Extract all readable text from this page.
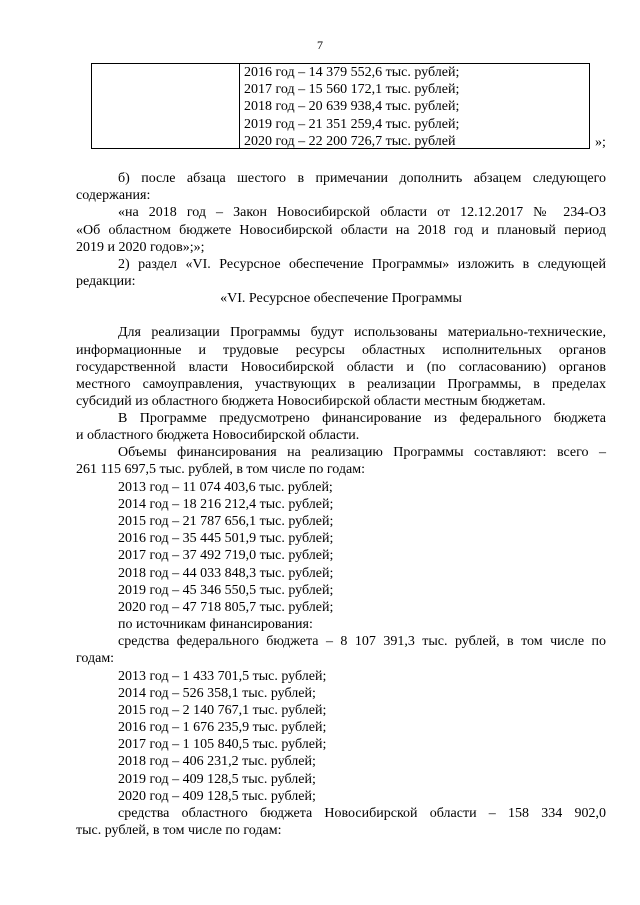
7
2016 год – 14 379 552,6 тыс. рублей;
2017 год – 15 560 172,1 тыс. рублей;
2018 год – 20 639 938,4 тыс. рублей;
2019 год – 21 351 259,4 тыс. рублей;
2020 год – 22 200 726,7 тыс. рублей	»;
б) после абзаца шестого в примечании дополнить абзацем следующего
содержания:
«на 2018 год – Закон Новосибирской области от 12.12.2017 № 234-ОЗ
«Об областном бюджете Новосибирской области на 2018 год и плановый период
2019 и 2020 годов»;»;
2) раздел «VI. Ресурсное обеспечение Программы» изложить в следующей
редакции:
«VI. Ресурсное обеспечение Программы
Для реализации Программы будут использованы материально-технические,
информационные и трудовые ресурсы областных исполнительных органов
государственной власти Новосибирской области и (по согласованию) органов
местного самоуправления, участвующих в реализации Программы, в пределах
субсидий из областного бюджета Новосибирской области местным бюджетам.
В Программе предусмотрено финансирование из федерального бюджета
и областного бюджета Новосибирской области.
Объемы финансирования на реализацию Программы составляют: всего –
261 115 697,5 тыс. рублей, в том числе по годам:
2013 год – 11 074 403,6 тыс. рублей;
2014 год – 18 216 212,4 тыс. рублей;
2015 год – 21 787 656,1 тыс. рублей;
2016 год – 35 445 501,9 тыс. рублей;
2017 год – 37 492 719,0 тыс. рублей;
2018 год – 44 033 848,3 тыс. рублей;
2019 год – 45 346 550,5 тыс. рублей;
2020 год – 47 718 805,7 тыс. рублей;
по источникам финансирования:
средства федерального бюджета – 8 107 391,3 тыс. рублей, в том числе по
годам:
2013 год – 1 433 701,5 тыс. рублей;
2014 год – 526 358,1 тыс. рублей;
2015 год – 2 140 767,1 тыс. рублей;
2016 год – 1 676 235,9 тыс. рублей;
2017 год – 1 105 840,5 тыс. рублей;
2018 год – 406 231,2 тыс. рублей;
2019 год – 409 128,5 тыс. рублей;
2020 год – 409 128,5 тыс. рублей;
средства областного бюджета Новосибирской области – 158 334 902,0
тыс. рублей, в том числе по годам:
